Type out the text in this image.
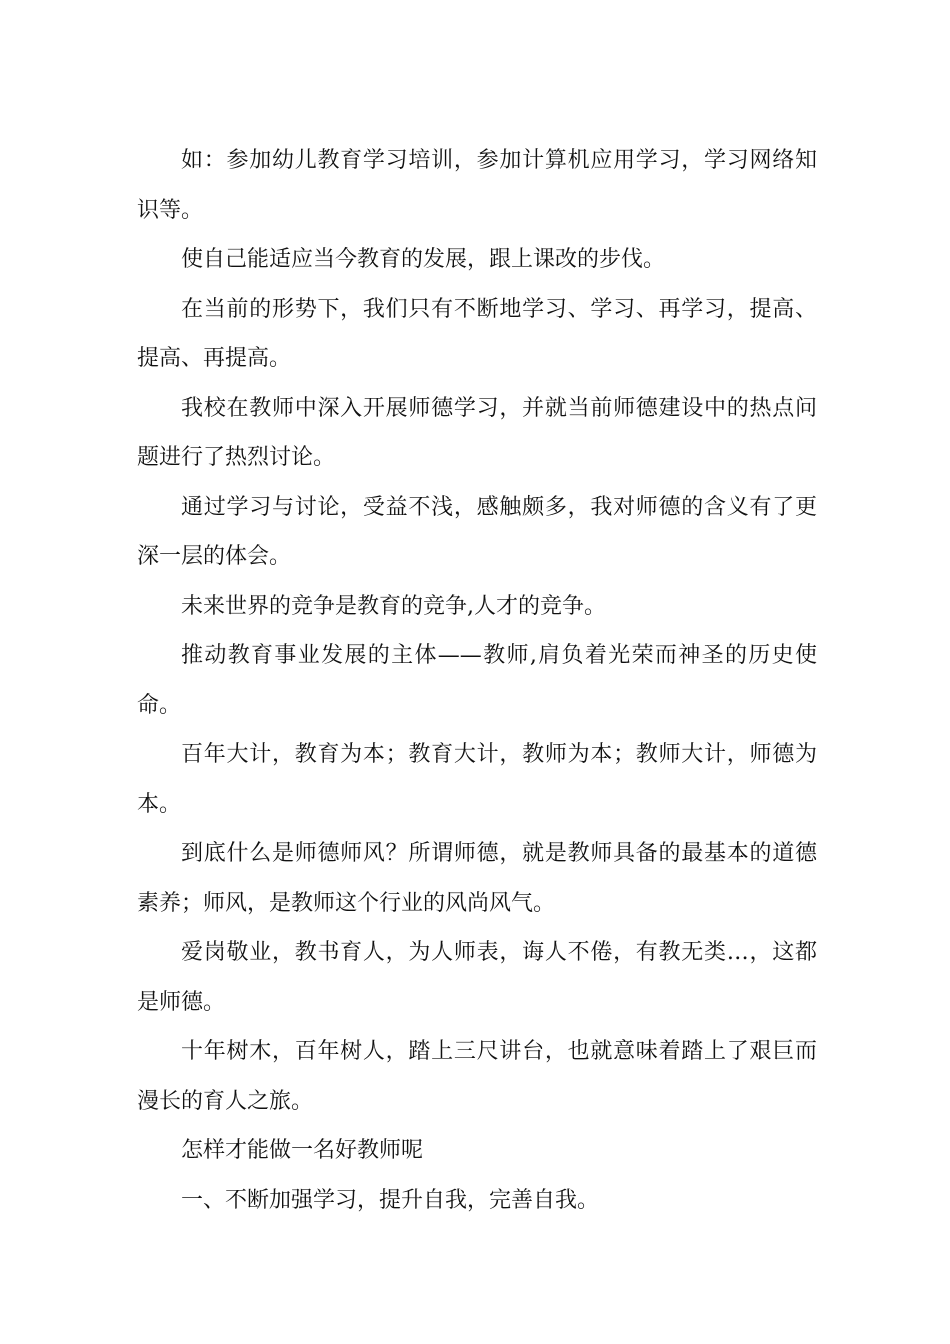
如：参加幼儿教育学习培训，参加计算机应用学习，学习网络知识等。

使自己能适应当今教育的发展，跟上课改的步伐。

在当前的形势下，我们只有不断地学习、学习、再学习，提高、提高、再提高。

我校在教师中深入开展师德学习，并就当前师德建设中的热点问题进行了热烈讨论。

通过学习与讨论，受益不浅，感触颇多，我对师德的含义有了更深一层的体会。

未来世界的竞争是教育的竞争,人才的竞争。

推动教育事业发展的主体——教师,肩负着光荣而神圣的历史使命。

百年大计，教育为本；教育大计，教师为本；教师大计，师德为本。

到底什么是师德师风？所谓师德，就是教师具备的最基本的道德素养；师风，是教师这个行业的风尚风气。

爱岗敬业，教书育人，为人师表，诲人不倦，有教无类…，这都是师德。

十年树木，百年树人，踏上三尺讲台，也就意味着踏上了艰巨而漫长的育人之旅。

怎样才能做一名好教师呢

一、不断加强学习，提升自我，完善自我。
